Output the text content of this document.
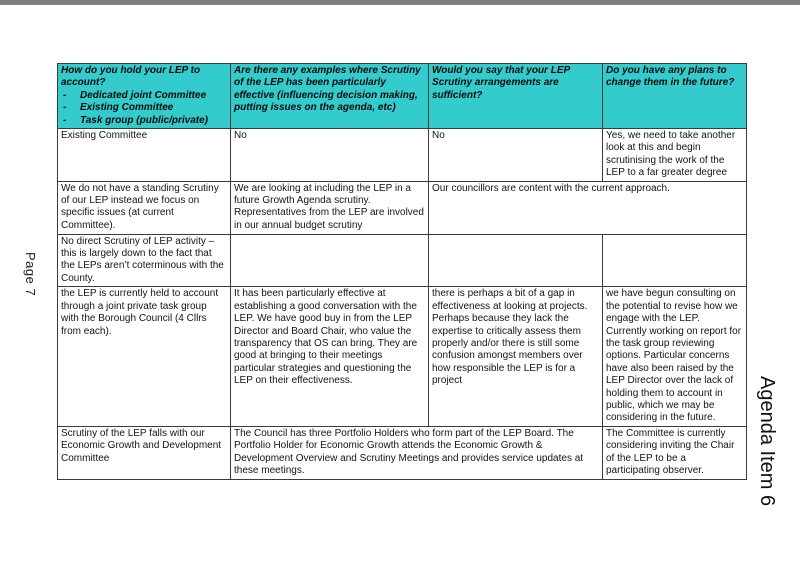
Page 7
Agenda Item 6
How do you hold your LEP to account?
-	Dedicated joint Committee
-	Existing Committee
-	Task group (public/private)
	Are there any examples where Scrutiny of the LEP has been particularly effective (influencing decision making, putting issues on the agenda, etc)	Would you say that your LEP Scrutiny arrangements are sufficient?	Do you have any plans to change them in the future?
Existing Committee	No	No	Yes, we need to take another look at this and begin scrutinising the work of the LEP to a far greater degree
We do not have a standing Scrutiny of our LEP instead we focus on specific issues (at current Committee).	We are looking at including the LEP in a future Growth Agenda scrutiny. Representatives from the LEP are involved in our annual budget scrutiny	Our councillors are content with the current approach.	
No direct Scrutiny of LEP activity – this is largely down to the fact that the LEPs aren’t coterminous with the County.			
the LEP is currently held to account through a joint private task group with the Borough Council (4 Cllrs from each).	It has been particularly effective at establishing a good conversation with the LEP. We have good buy in from the LEP Director and Board Chair, who value the transparency that OS can bring. They are good at bringing to their meetings particular strategies and questioning the LEP on their effectiveness.	there is perhaps a bit of a gap in effectiveness at looking at projects. Perhaps because they lack the expertise to critically assess them properly and/or there is still some confusion amongst members over how responsible the LEP is for a project	we have begun consulting on the potential to revise how we engage with the LEP. Currently working on report for the task group reviewing options. Particular concerns have also been raised by the LEP Director over the lack of holding them to account in public, which we may be considering in the future.
Scrutiny of the LEP falls with our Economic Growth and Development Committee	The Council has three Portfolio Holders who form part of the LEP Board. The Portfolio Holder for Economic Growth attends the Economic Growth & Development Overview and Scrutiny Meetings and provides service updates at these meetings.		The Committee is currently considering inviting the Chair of the LEP to be a participating observer.
